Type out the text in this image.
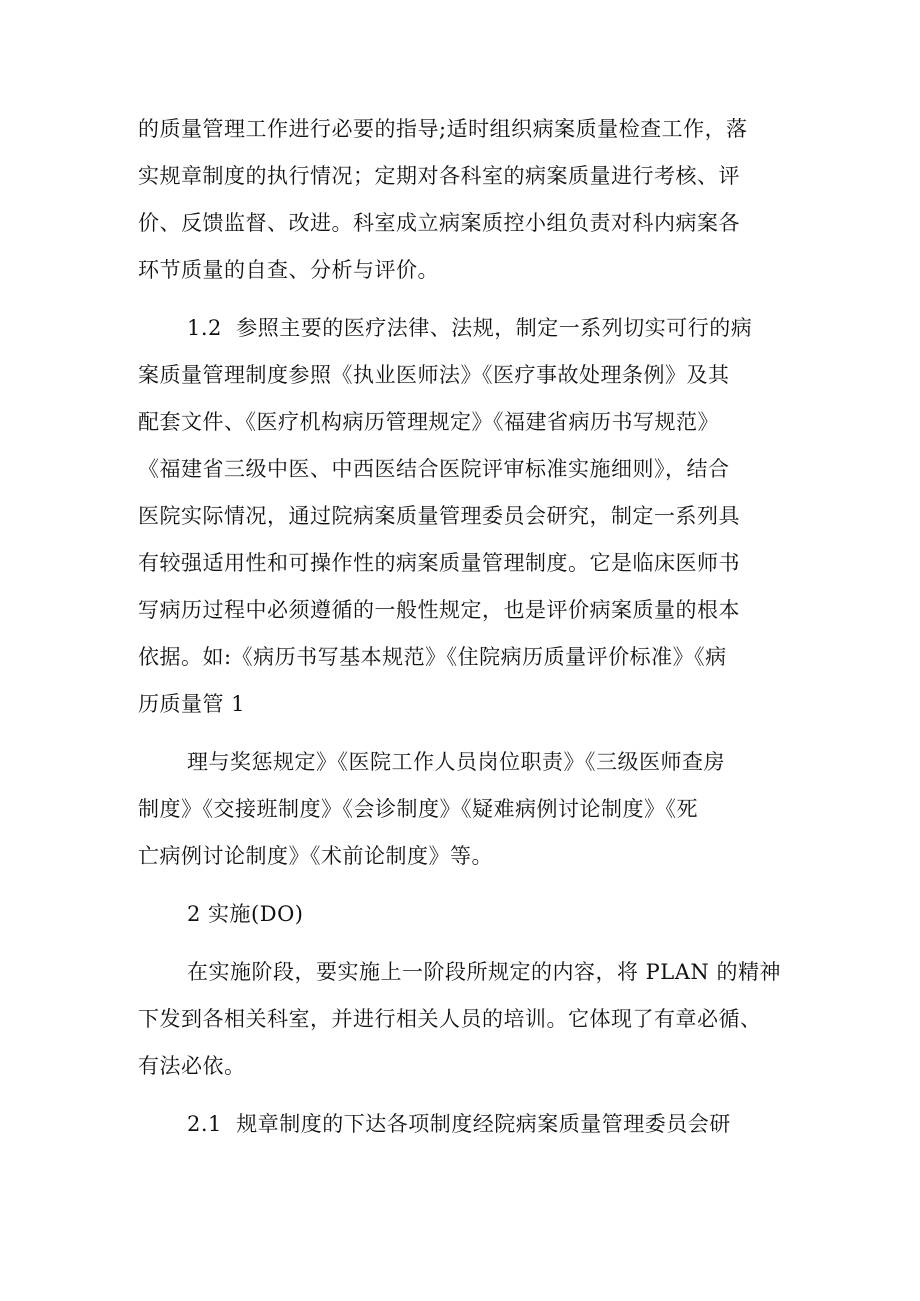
的质量管理工作进行必要的指导;适时组织病案质量检查工作，落
实规章制度的执行情况；定期对各科室的病案质量进行考核、评
价、反馈监督、改进。科室成立病案质控小组负责对科内病案各
环节质量的自查、分析与评价。
1.2  参照主要的医疗法律、法规，制定一系列切实可行的病
案质量管理制度参照《执业医师法》《医疗事故处理条例》及其
配套文件、《医疗机构病历管理规定》《福建省病历书写规范》
《福建省三级中医、中西医结合医院评审标准实施细则》，结合
医院实际情况，通过院病案质量管理委员会研究，制定一系列具
有较强适用性和可操作性的病案质量管理制度。它是临床医师书
写病历过程中必须遵循的一般性规定，也是评价病案质量的根本
依据。如:《病历书写基本规范》《住院病历质量评价标准》《病
历质量管 1
理与奖惩规定》《医院工作人员岗位职责》《三级医师查房
制度》《交接班制度》《会诊制度》《疑难病例讨论制度》《死
亡病例讨论制度》《术前论制度》等。
2 实施(DO)
在实施阶段，要实施上一阶段所规定的内容，将 PLAN 的精神
下发到各相关科室，并进行相关人员的培训。它体现了有章必循、
有法必依。
2.1  规章制度的下达各项制度经院病案质量管理委员会研
